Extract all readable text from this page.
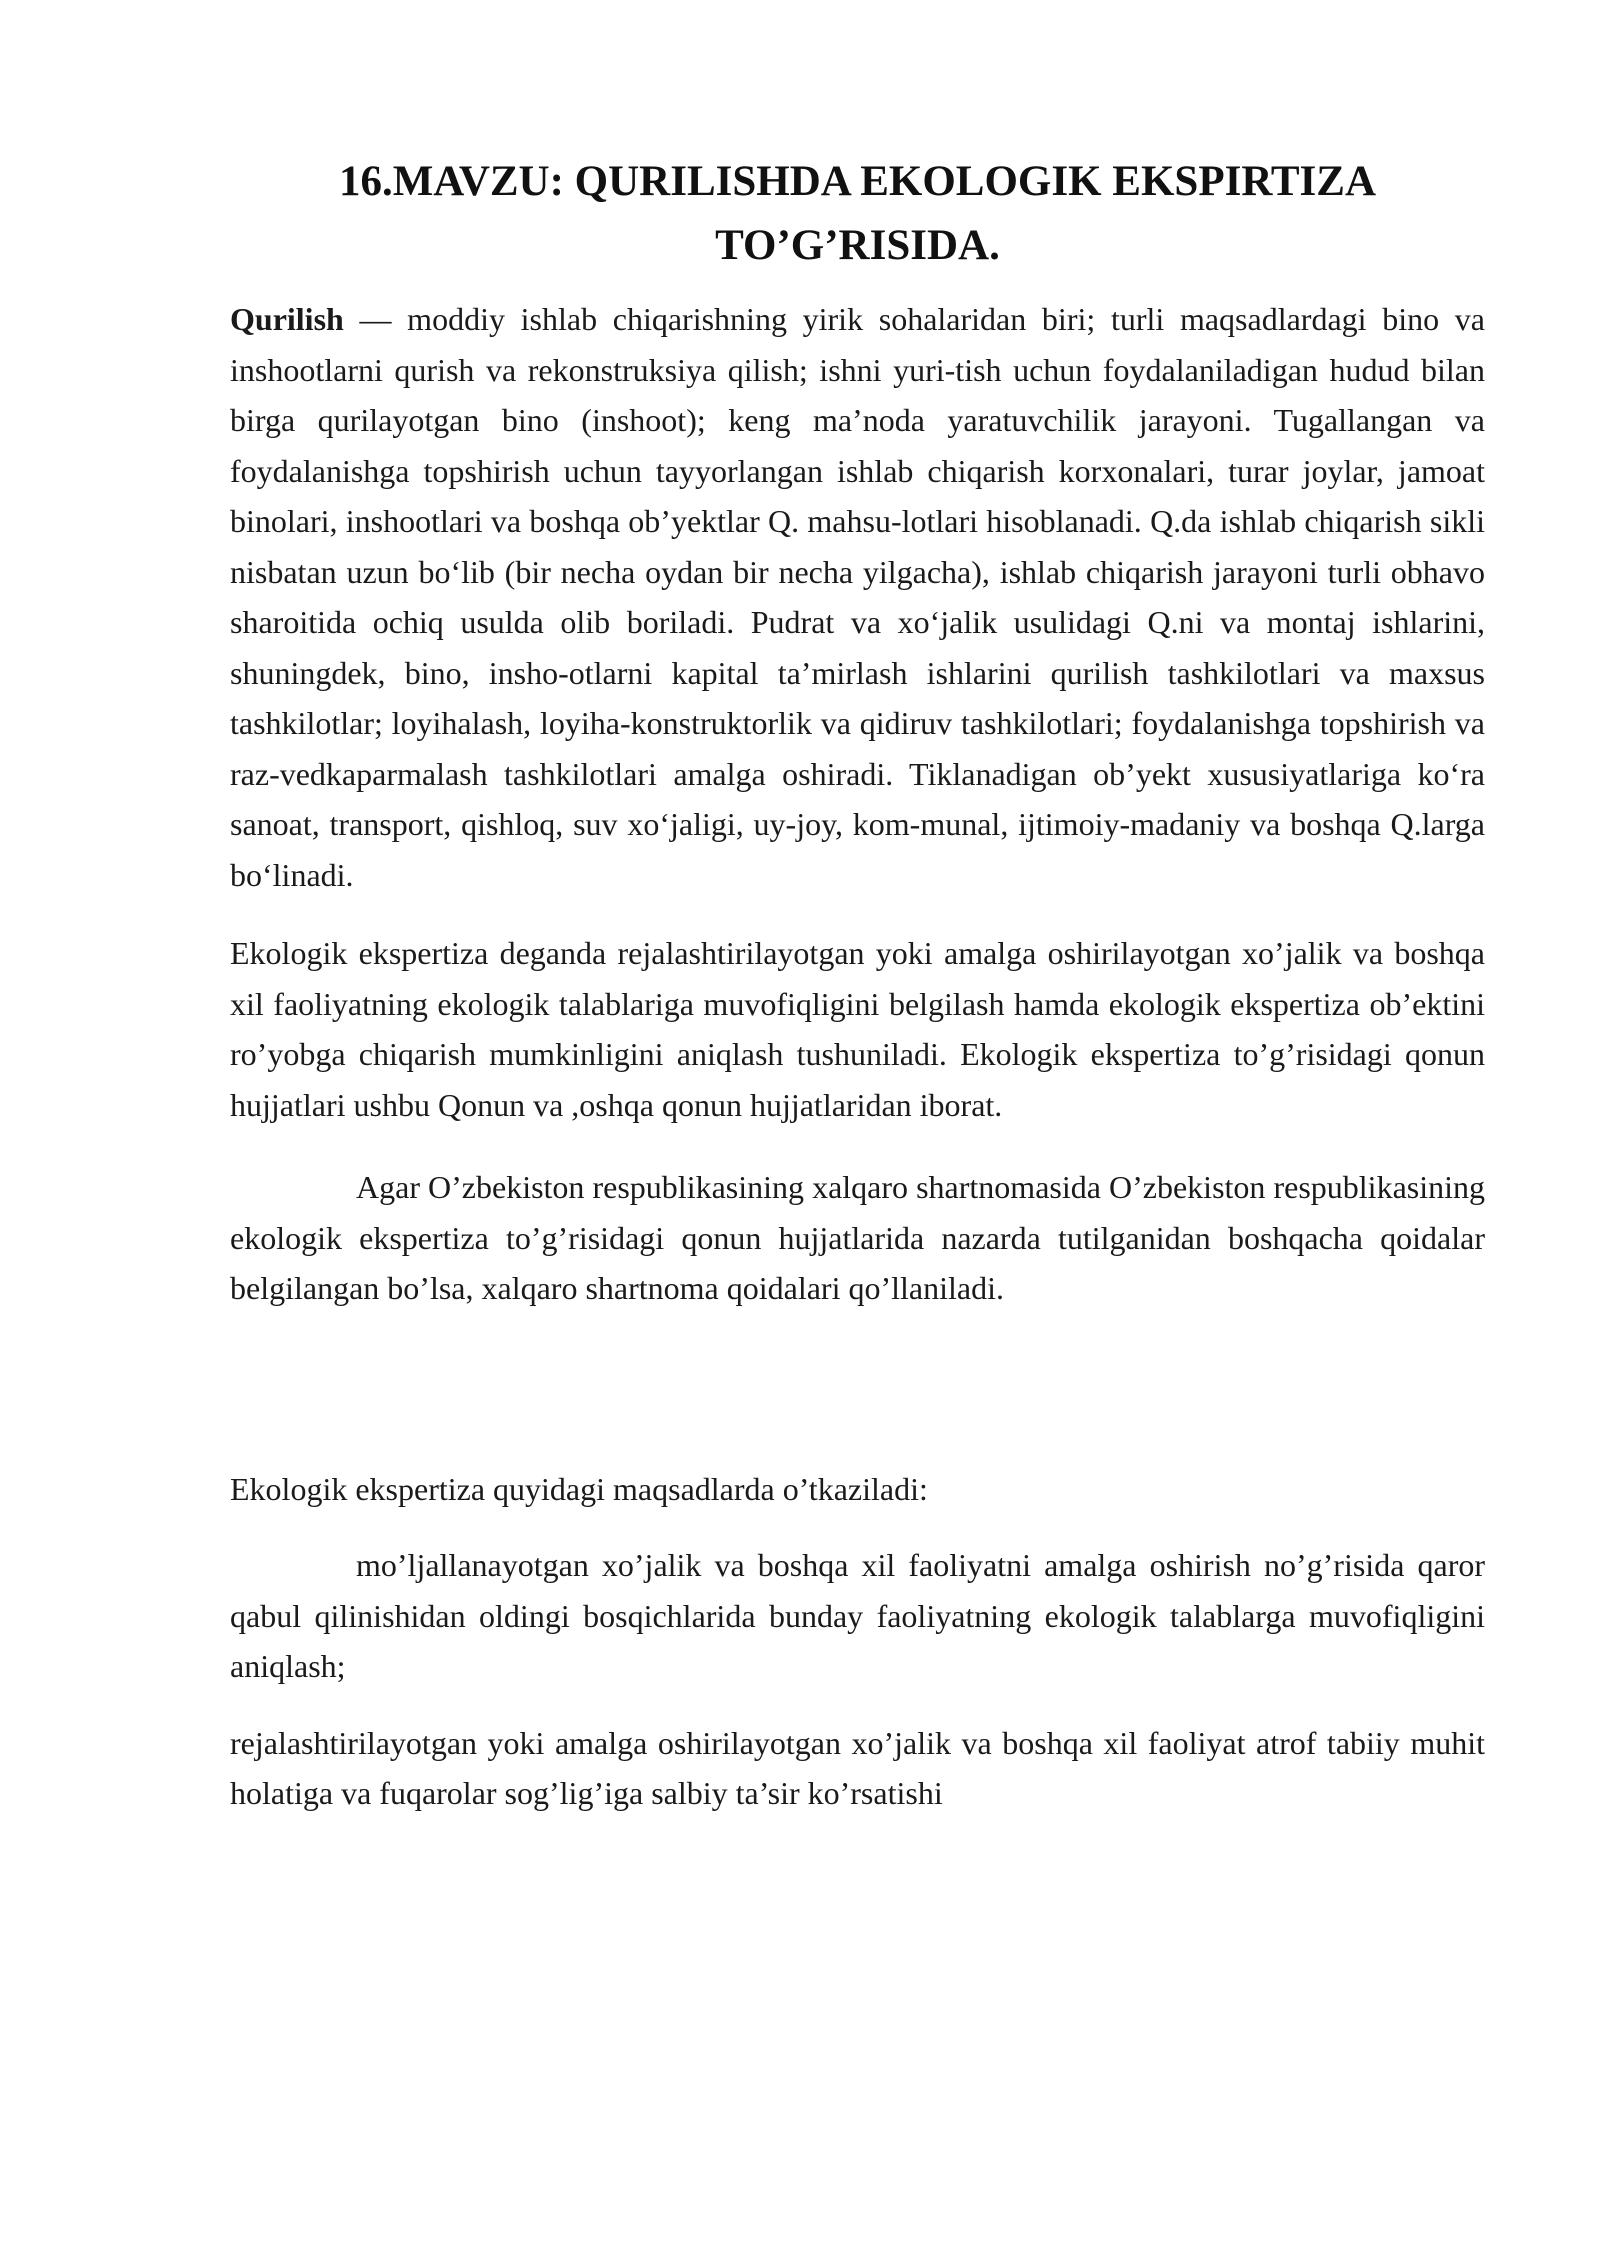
16.MAVZU: QURILISHDA EKOLOGIK EKSPIRTIZA
TO’G’RISIDA.

Qurilish — moddiy ishlab chiqarishning yirik sohalaridan biri; turli maqsadlardagi bino va inshootlarni qurish va rekonstruksiya qilish; ishni yuri-tish uchun foydalaniladigan hudud bilan birga qurilayotgan bino (inshoot); keng maʼnoda yaratuvchilik jarayoni. Tugallangan va foydalanishga topshirish uchun tayyorlangan ishlab chiqarish korxonalari, turar joylar, jamoat binolari, inshootlari va boshqa obʼyektlar Q. mahsu-lotlari hisoblanadi. Q.da ishlab chiqarish sikli nisbatan uzun boʻlib (bir necha oydan bir necha yilgacha), ishlab chiqarish jarayoni turli obhavo sharoitida ochiq usulda olib boriladi. Pudrat va xoʻjalik usulidagi Q.ni va montaj ishlarini, shuningdek, bino, insho-otlarni kapital taʼmirlash ishlarini qurilish tashkilotlari va maxsus tashkilotlar; loyihalash, loyiha-konstruktorlik va qidiruv tashkilotlari; foydalanishga topshirish va raz-vedkaparmalash tashkilotlari amalga oshiradi. Tiklanadigan obʼyekt xususiyatlariga koʻra sanoat, transport, qishloq, suv xoʻjaligi, uy-joy, kom-munal, ijtimoiy-madaniy va boshqa Q.larga boʻlinadi.

Ekologik ekspertiza deganda rejalashtirilayotgan yoki amalga oshirilayotgan xo’jalik va boshqa xil faoliyatning ekologik talablariga muvofiqligini belgilash hamda ekologik ekspertiza ob’ektini ro’yobga chiqarish mumkinligini aniqlash tushuniladi. Ekologik ekspertiza to’g’risidagi qonun hujjatlari ushbu Qonun va ,oshqa qonun hujjatlaridan iborat.

Agar O’zbekiston respublikasining xalqaro shartnomasida O’zbekiston respublikasining ekologik ekspertiza to’g’risidagi qonun hujjatlarida nazarda tutilganidan boshqacha qoidalar belgilangan bo’lsa, xalqaro shartnoma qoidalari qo’llaniladi.

Ekologik ekspertiza quyidagi maqsadlarda o’tkaziladi:

mo’ljallanayotgan xo’jalik va boshqa xil faoliyatni amalga oshirish no’g’risida qaror qabul qilinishidan oldingi bosqichlarida bunday faoliyatning ekologik talablarga muvofiqligini aniqlash;

rejalashtirilayotgan yoki amalga oshirilayotgan xo’jalik va boshqa xil faoliyat atrof tabiiy muhit holatiga va fuqarolar sog’lig’iga salbiy ta’sir ko’rsatishi
